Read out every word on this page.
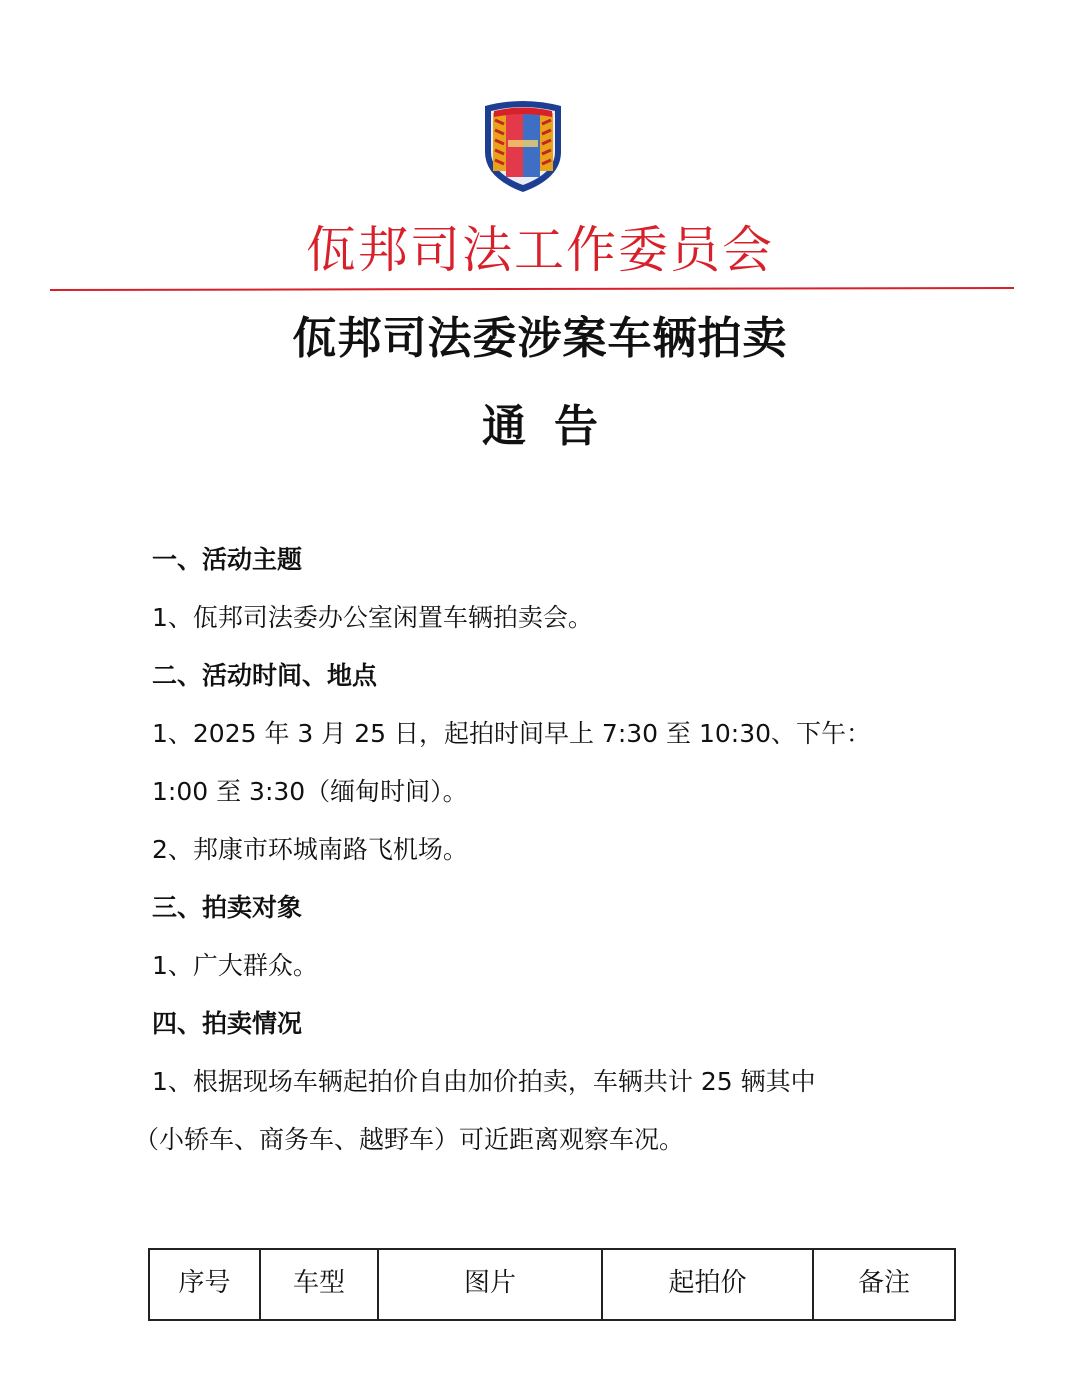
佤邦司法工作委员会
佤邦司法委涉案车辆拍卖
通告
一、活动主题
1、佤邦司法委办公室闲置车辆拍卖会。
二、活动时间、地点
1、2025 年 3 月 25 日，起拍时间早上 7:30 至 10:30、下午：
1:00 至 3:30（缅甸时间）。
2、邦康市环城南路飞机场。
三、拍卖对象
1、广大群众。
四、拍卖情况
1、根据现场车辆起拍价自由加价拍卖，车辆共计 25 辆其中
（小轿车、商务车、越野车）可近距离观察车况。
序号	车型	图片	起拍价	备注
